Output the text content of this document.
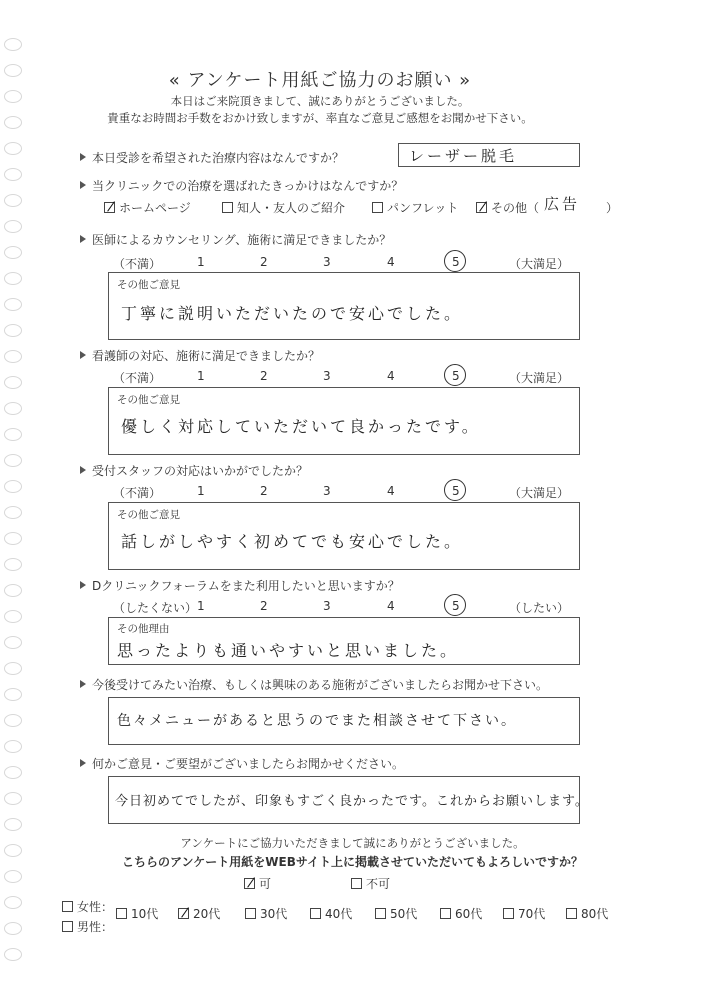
« アンケート用紙ご協力のお願い »
本日はご来院頂きまして、誠にありがとうございました。
貴重なお時間お手数をおかけ致しますが、率直なご意見ご感想をお聞かせ下さい。
本日受診を希望された治療内容はなんですか？	レーザー脱毛
当クリニックでの治療を選ばれたきっかけはなんですか？
ホームページ	知人・友人のご紹介	パンフレット	その他（ 広告 ）
医師によるカウンセリング、施術に満足できましたか？
（不満）	1	2	3	4	5	（大満足）
その他ご意見
丁寧に説明いただいたので安心でした。
看護師の対応、施術に満足できましたか？
（不満）	1	2	3	4	5	（大満足）
その他ご意見
優しく対応していただいて良かったです。
受付スタッフの対応はいかがでしたか？
（不満）	1	2	3	4	5	（大満足）
その他ご意見
話しがしやすく初めてでも安心でした。
Dクリニックフォーラムをまた利用したいと思いますか？
（したくない） 1	2	3	4	5	（したい）
その他理由
思ったよりも通いやすいと思いました。
今後受けてみたい治療、もしくは興味のある施術がございましたらお聞かせ下さい。
色々メニューがあると思うのでまた相談させて下さい。
何かご意見・ご要望がございましたらお聞かせください。
今日初めてでしたが、印象もすごく良かったです。これからお願いします。
アンケートにご協力いただきまして誠にありがとうございました。
こちらのアンケート用紙をWEBサイト上に掲載させていただいてもよろしいですか？
可	不可
女性：
男性：
10代	20代	30代	40代	50代	60代	70代	80代
